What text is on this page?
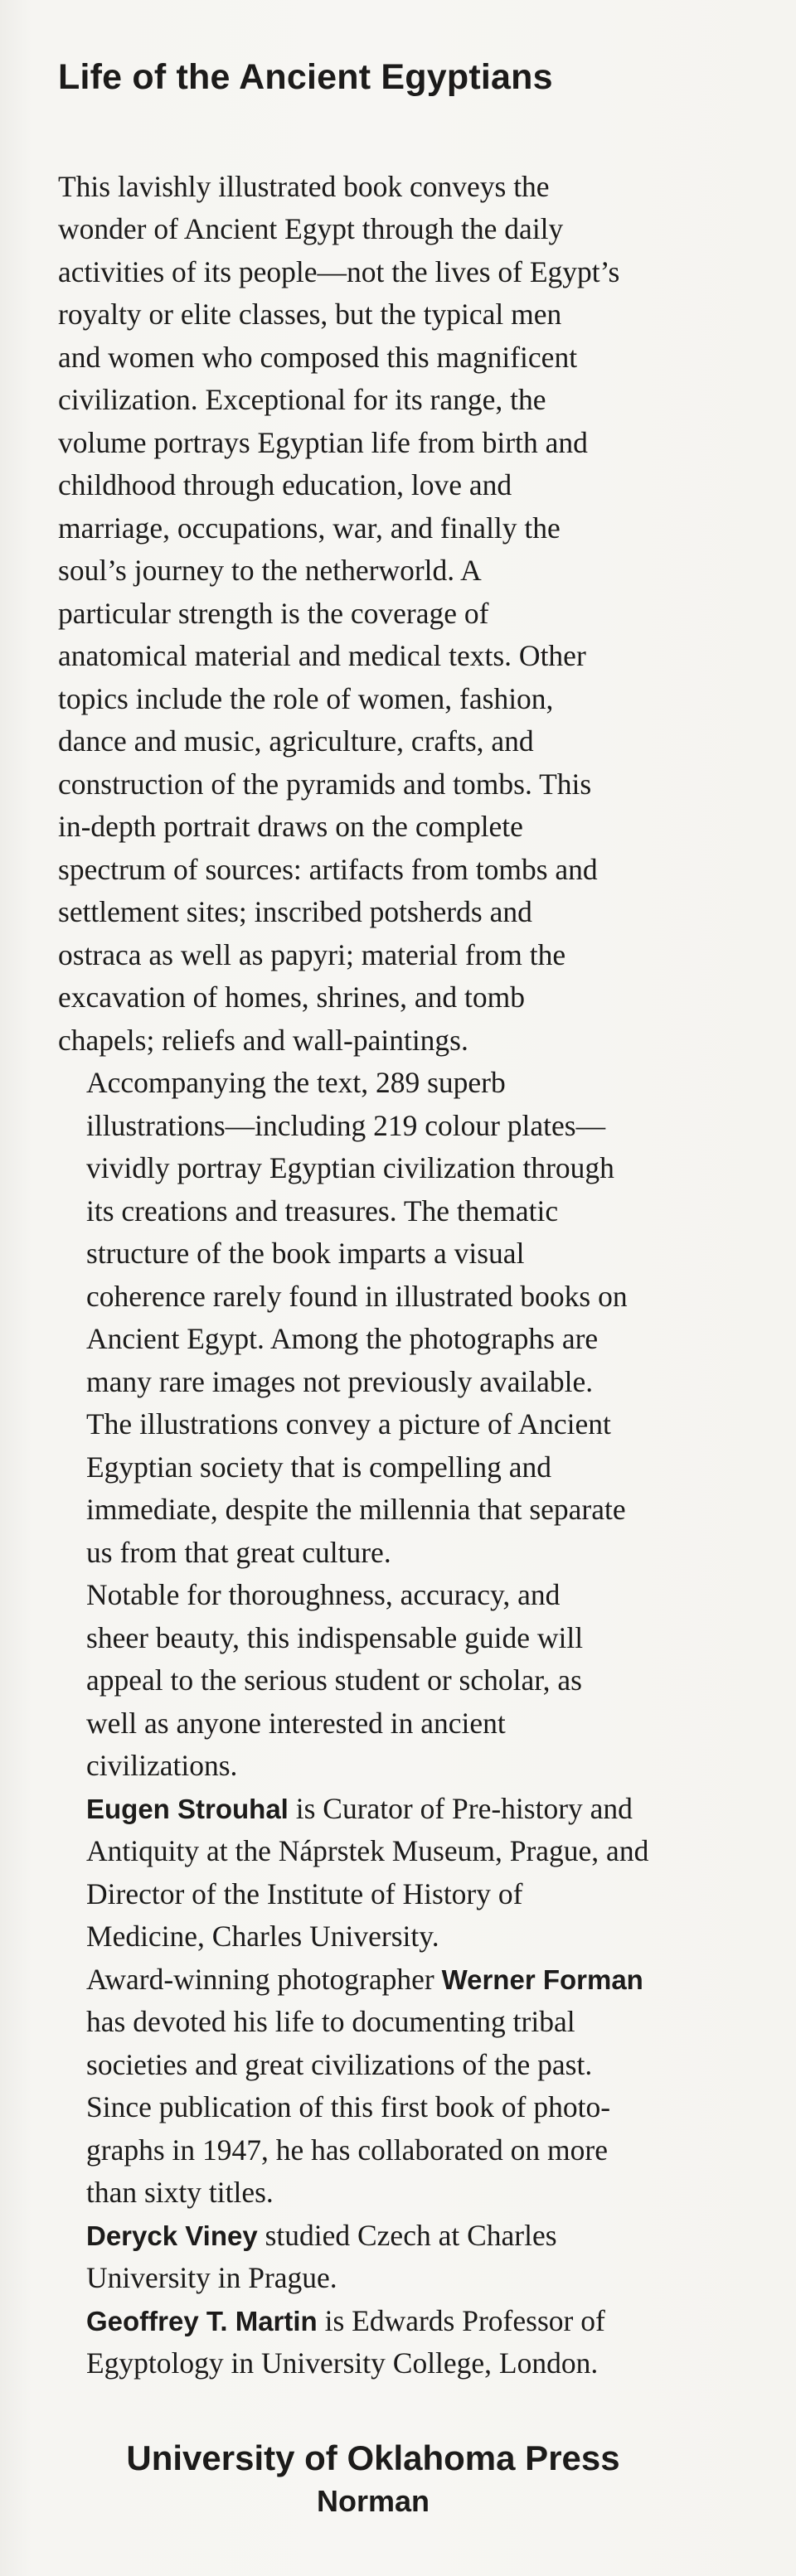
Life of the Ancient Egyptians

This lavishly illustrated book conveys the
wonder of Ancient Egypt through the daily
activities of its people—not the lives of Egypt’s
royalty or elite classes, but the typical men
and women who composed this magnificent
civilization. Exceptional for its range, the
volume portrays Egyptian life from birth and
childhood through education, love and
marriage, occupations, war, and finally the
soul’s journey to the netherworld. A
particular strength is the coverage of
anatomical material and medical texts. Other
topics include the role of women, fashion,
dance and music, agriculture, crafts, and
construction of the pyramids and tombs. This
in-depth portrait draws on the complete
spectrum of sources: artifacts from tombs and
settlement sites; inscribed potsherds and
ostraca as well as papyri; material from the
excavation of homes, shrines, and tomb
chapels; reliefs and wall-paintings.

Accompanying the text, 289 superb
illustrations—including 219 colour plates—
vividly portray Egyptian civilization through
its creations and treasures. The thematic
structure of the book imparts a visual
coherence rarely found in illustrated books on
Ancient Egypt. Among the photographs are
many rare images not previously available.
The illustrations convey a picture of Ancient
Egyptian society that is compelling and
immediate, despite the millennia that separate
us from that great culture.

Notable for thoroughness, accuracy, and
sheer beauty, this indispensable guide will
appeal to the serious student or scholar, as
well as anyone interested in ancient
civilizations.

Eugen Strouhal is Curator of Pre-history and
Antiquity at the Náprstek Museum, Prague, and
Director of the Institute of History of
Medicine, Charles University.

Award-winning photographer Werner Forman
has devoted his life to documenting tribal
societies and great civilizations of the past.
Since publication of this first book of photo-
graphs in 1947, he has collaborated on more
than sixty titles.

Deryck Viney studied Czech at Charles
University in Prague.

Geoffrey T. Martin is Edwards Professor of
Egyptology in University College, London.

University of Oklahoma Press
Norman
